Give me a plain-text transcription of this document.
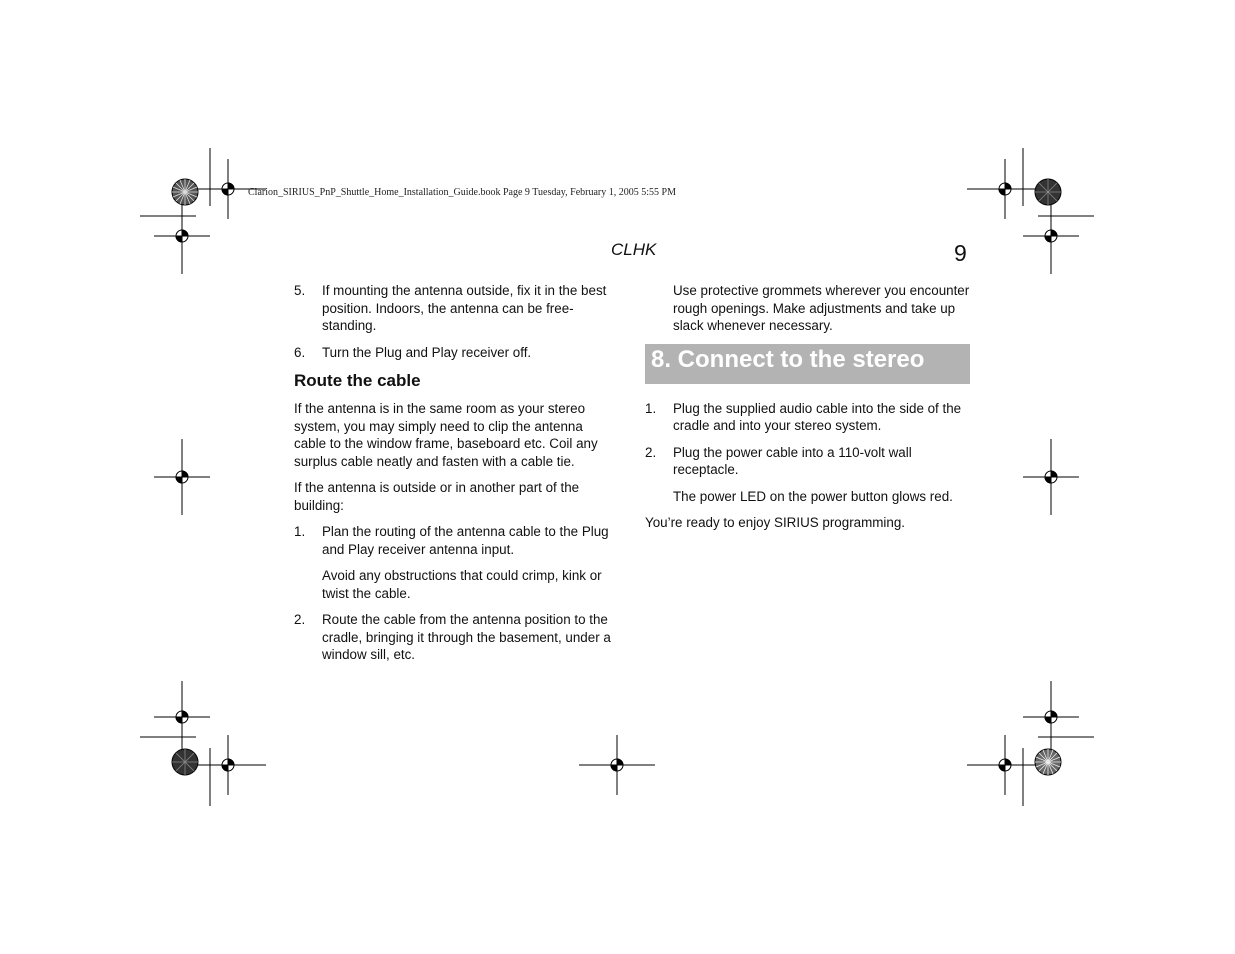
Clarion_SIRIUS_PnP_Shuttle_Home_Installation_Guide.book Page 9 Tuesday, February 1, 2005 5:55 PM
CLHK	9
5. If mounting the antenna outside, fix it in the best position. Indoors, the antenna can be free-standing.
6. Turn the Plug and Play receiver off.
Route the cable
If the antenna is in the same room as your stereo system, you may simply need to clip the antenna cable to the window frame, baseboard etc. Coil any surplus cable neatly and fasten with a cable tie.
If the antenna is outside or in another part of the building:
1. Plan the routing of the antenna cable to the Plug and Play receiver antenna input.
Avoid any obstructions that could crimp, kink or twist the cable.
2. Route the cable from the antenna position to the cradle, bringing it through the basement, under a window sill, etc.
Use protective grommets wherever you encounter rough openings. Make adjustments and take up slack whenever necessary.
8. Connect to the stereo
1. Plug the supplied audio cable into the side of the cradle and into your stereo system.
2. Plug the power cable into a 110-volt wall receptacle.
The power LED on the power button glows red.
You’re ready to enjoy SIRIUS programming.
